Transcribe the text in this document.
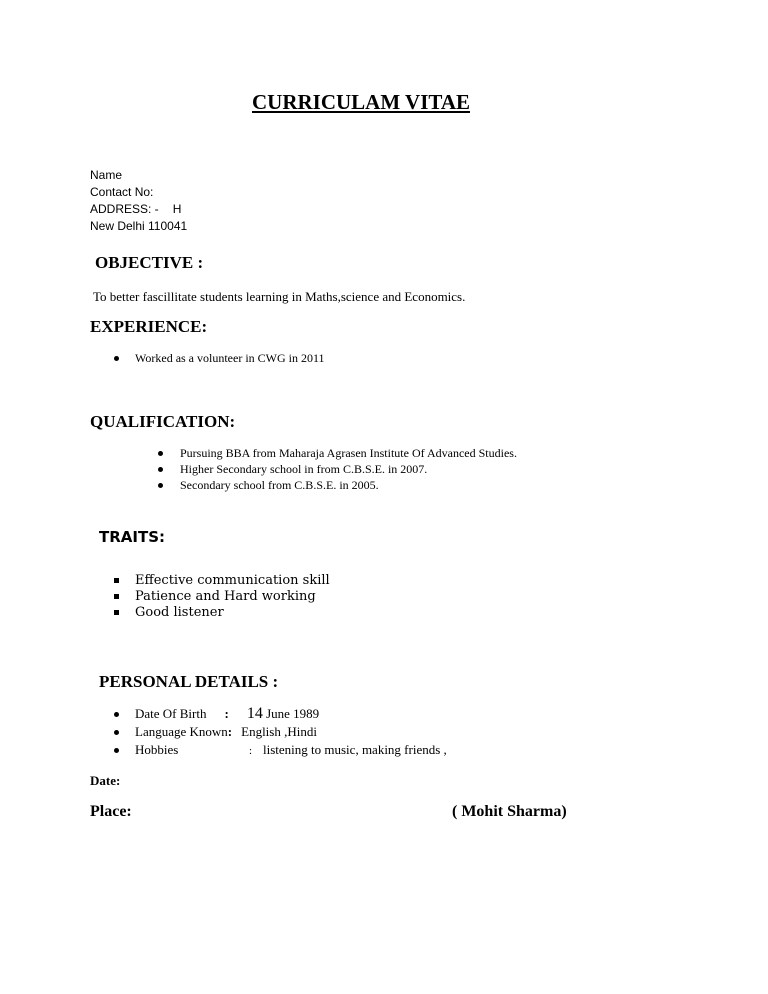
CURRICULAM VITAE
Name
Contact No:
ADDRESS: - H
New Delhi 110041
OBJECTIVE :
To better fascillitate students learning in Maths,science and Economics.
EXPERIENCE:
Worked as a volunteer in CWG in 2011
QUALIFICATION:
Pursuing BBA from Maharaja Agrasen Institute Of Advanced Studies.
Higher Secondary school in from C.B.S.E. in 2007.
Secondary school from C.B.S.E. in 2005.
TRAITS:
Effective communication skill
Patience and Hard working
Good listener
PERSONAL DETAILS :
Date Of Birth : 14 June 1989
Language Known: English ,Hindi
Hobbies	: listening to music, making friends ,
Date:
Place:	( Mohit Sharma)
